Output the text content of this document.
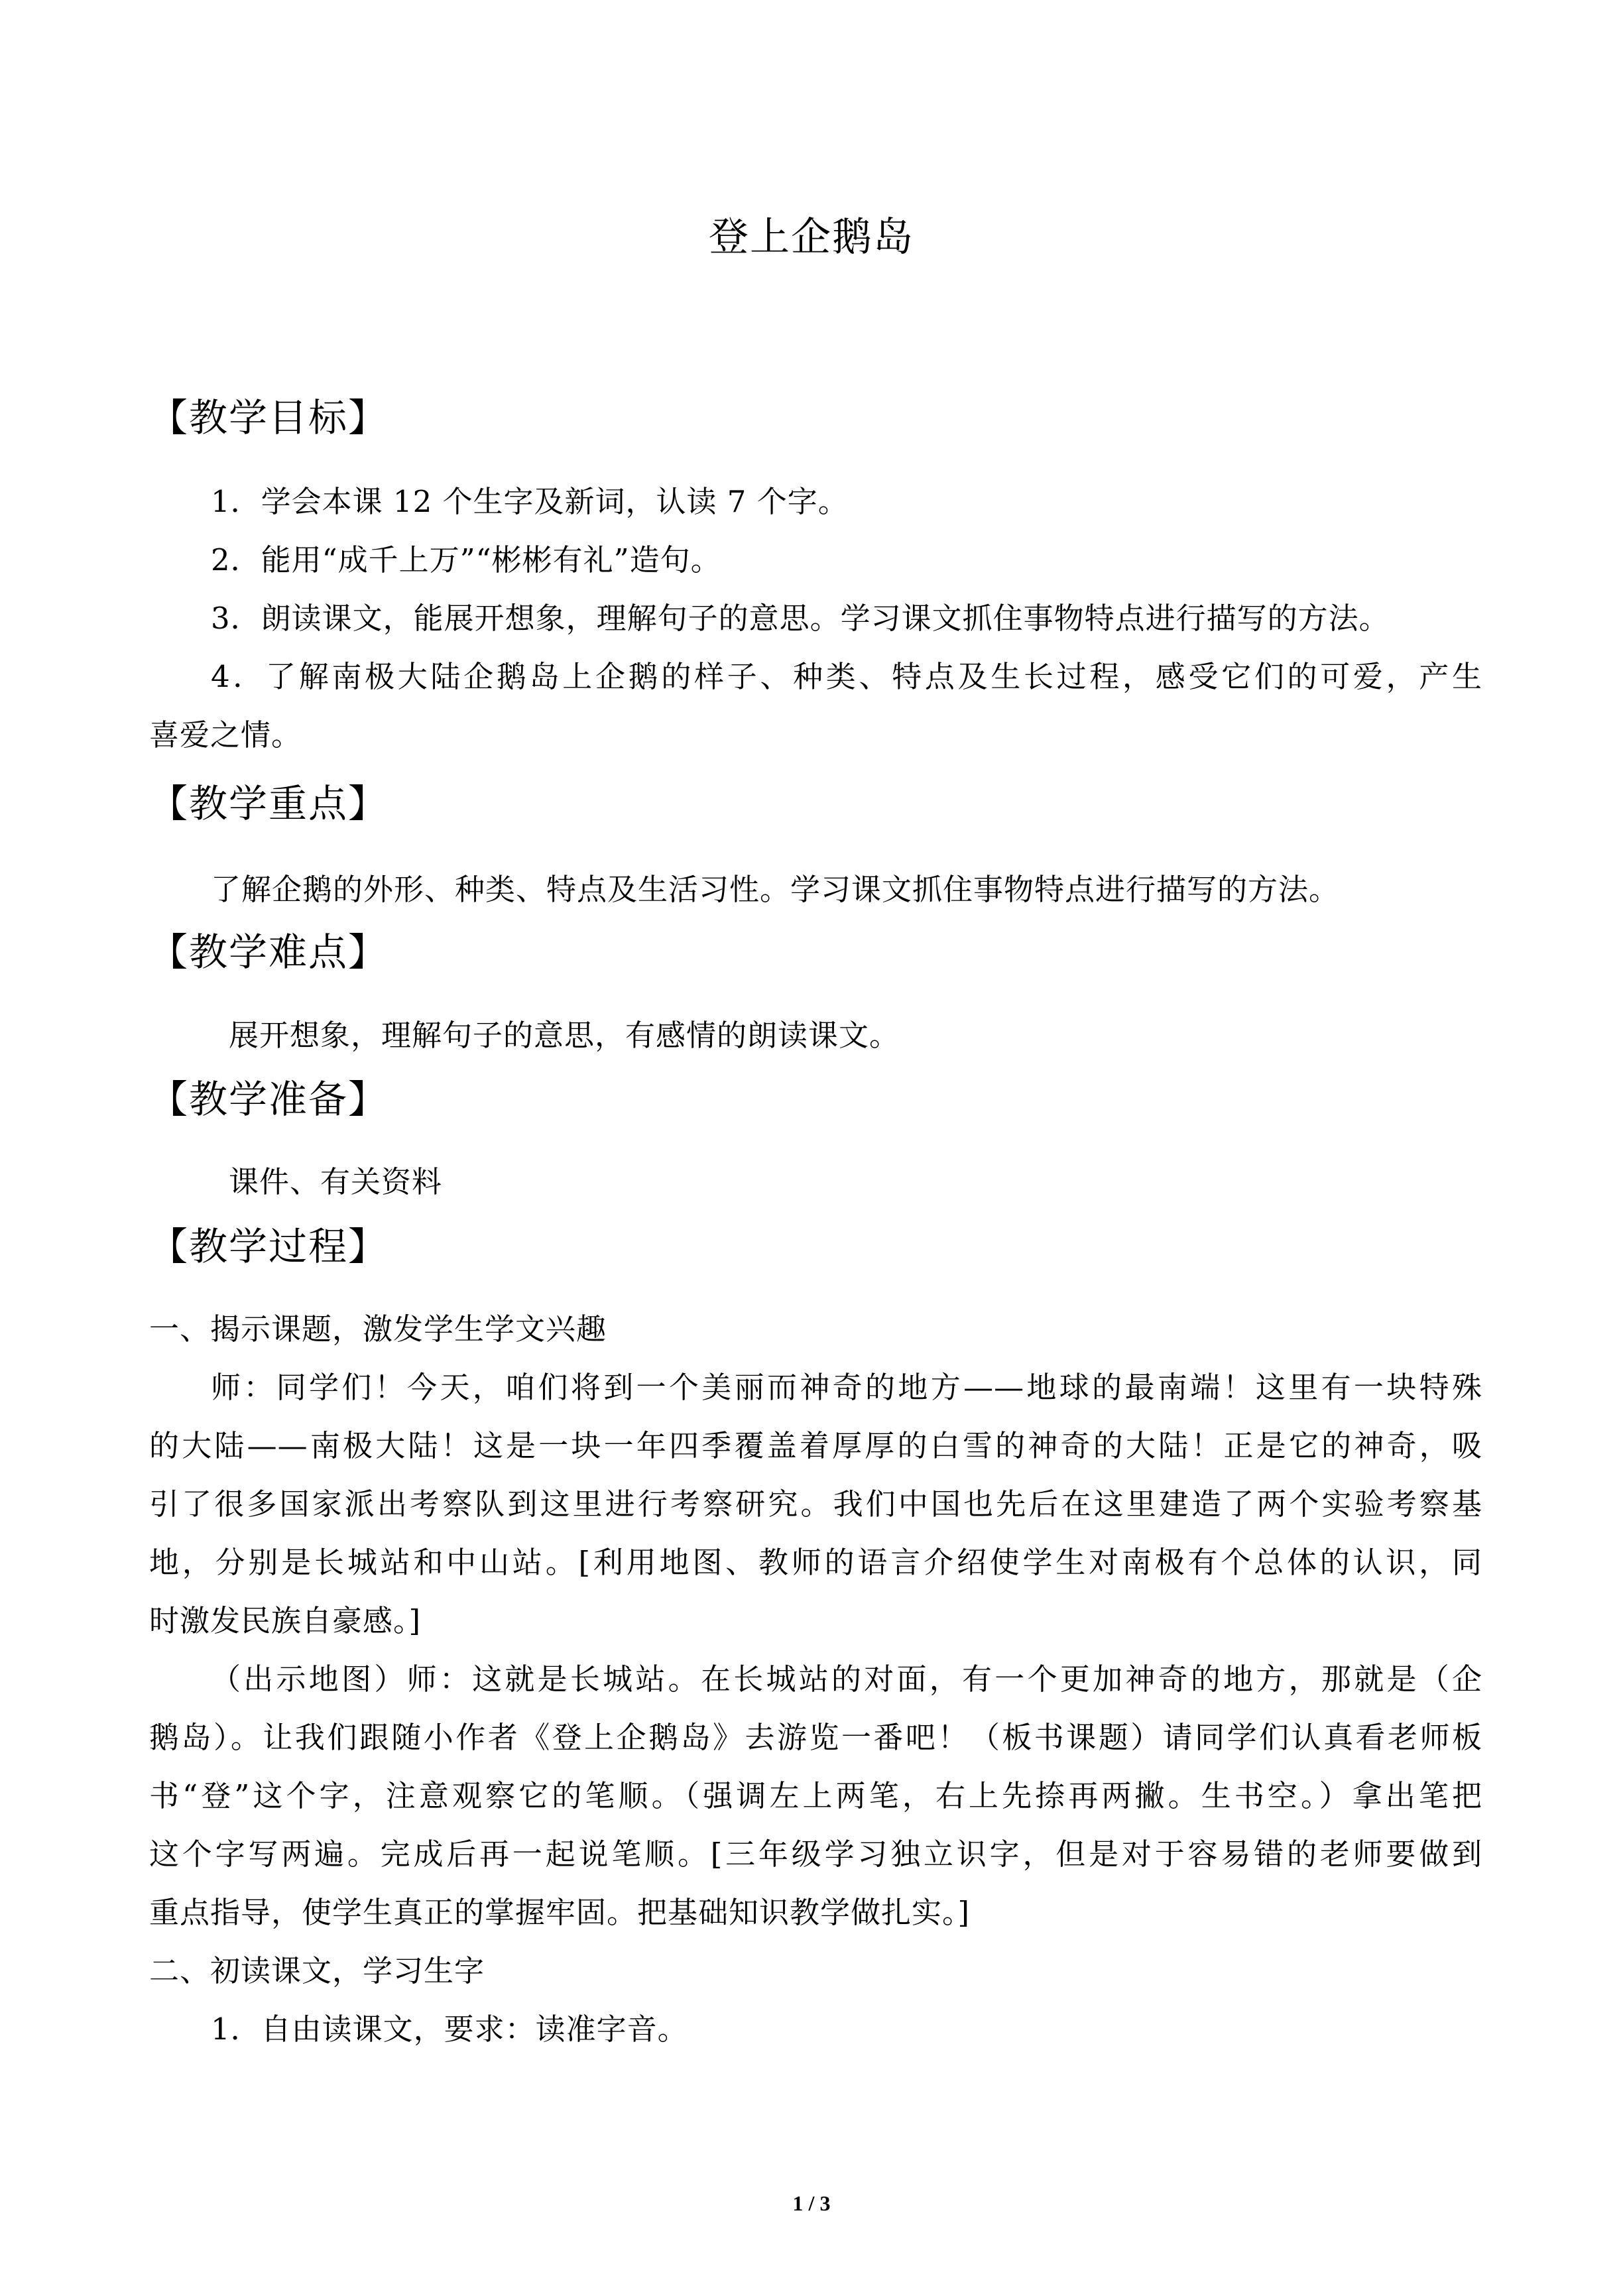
登上企鹅岛
【教学目标】
1．学会本课 12 个生字及新词，认读 7 个字。
2．能用“成千上万”“彬彬有礼”造句。
3．朗读课文，能展开想象，理解句子的意思。学习课文抓住事物特点进行描写的方法。
4．了解南极大陆企鹅岛上企鹅的样子、种类、特点及生长过程，感受它们的可爱，产生
喜爱之情。
【教学重点】
了解企鹅的外形、种类、特点及生活习性。学习课文抓住事物特点进行描写的方法。
【教学难点】
展开想象，理解句子的意思，有感情的朗读课文。
【教学准备】
课件、有关资料
【教学过程】
一、揭示课题，激发学生学文兴趣
师：同学们！今天，咱们将到一个美丽而神奇的地方——地球的最南端！这里有一块特殊
的大陆——南极大陆！这是一块一年四季覆盖着厚厚的白雪的神奇的大陆！正是它的神奇，吸
引了很多国家派出考察队到这里进行考察研究。我们中国也先后在这里建造了两个实验考察基
地，分别是长城站和中山站。[利用地图、教师的语言介绍使学生对南极有个总体的认识，同
时激发民族自豪感。]
（出示地图）师：这就是长城站。在长城站的对面，有一个更加神奇的地方，那就是（企
鹅岛）。让我们跟随小作者《登上企鹅岛》去游览一番吧！（板书课题）请同学们认真看老师板
书“登”这个字，注意观察它的笔顺。（强调左上两笔，右上先捺再两撇。生书空。）拿出笔把
这个字写两遍。完成后再一起说笔顺。[三年级学习独立识字，但是对于容易错的老师要做到
重点指导，使学生真正的掌握牢固。把基础知识教学做扎实。]
二、初读课文，学习生字
1．自由读课文，要求：读准字音。
1 / 3
